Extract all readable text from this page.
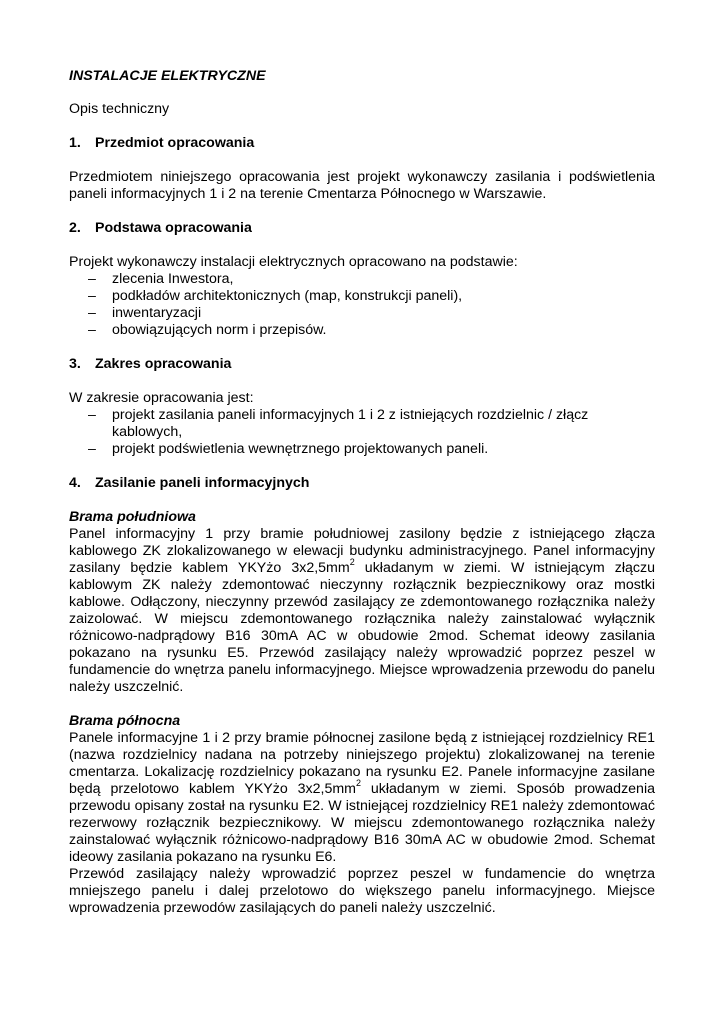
INSTALACJE ELEKTRYCZNE

Opis techniczny

1. Przedmiot opracowania

Przedmiotem niniejszego opracowania jest projekt wykonawczy zasilania i podświetlenia paneli informacyjnych 1 i 2 na terenie Cmentarza Północnego w Warszawie.

2. Podstawa opracowania

Projekt wykonawczy instalacji elektrycznych opracowano na podstawie:

– zlecenia Inwestora,
– podkładów architektonicznych (map, konstrukcji paneli),
– inwentaryzacji
– obowiązujących norm i przepisów.
3. Zakres opracowania

W zakresie opracowania jest:

– projekt zasilania paneli informacyjnych 1 i 2 z istniejących rozdzielnic / złącz kablowych,
– projekt podświetlenia wewnętrznego projektowanych paneli.
4. Zasilanie paneli informacyjnych

Brama południowa

Panel informacyjny 1 przy bramie południowej zasilony będzie z istniejącego złącza kablowego ZK zlokalizowanego w elewacji budynku administracyjnego. Panel informacyjny zasilany będzie kablem YKYżo $3x2,5mm^2$ układanym w ziemi. W istniejącym złączu kablowym ZK należy zdemontować nieczynny rozłącznik bezpiecznikowy oraz mostki kablowe. Odłączony, nieczynny przewód zasilający ze zdemontowanego rozłącznika należy zaizolować. W miejscu zdemontowanego rozłącznika należy zainstalować wyłącznik różnicowo-nadprądowy B16 30mA AC w obudowie 2mod. Schemat ideowy zasilania pokazano na rysunku E5. Przewód zasilający należy wprowadzić poprzez peszel w fundamencie do wnętrza panelu informacyjnego. Miejsce wprowadzenia przewodu do panelu należy uszczelnić.

Brama północna

Panele informacyjne 1 i 2 przy bramie północnej zasilone będą z istniejącej rozdzielnicy RE1 (nazwa rozdzielnicy nadana na potrzeby niniejszego projektu) zlokalizowanej na terenie cmentarza. Lokalizację rozdzielnicy pokazano na rysunku E2. Panele informacyjne zasilane będą przelotowo kablem YKYżo $3x2,5mm^2$ układanym w ziemi. Sposób prowadzenia przewodu opisany został na rysunku E2. W istniejącej rozdzielnicy RE1 należy zdemontować rezerwowy rozłącznik bezpiecznikowy. W miejscu zdemontowanego rozłącznika należy zainstalować wyłącznik różnicowo-nadprądowy B16 30mA AC w obudowie 2mod. Schemat ideowy zasilania pokazano na rysunku E6.

Przewód zasilający należy wprowadzić poprzez peszel w fundamencie do wnętrza mniejszego panelu i dalej przelotowo do większego panelu informacyjnego. Miejsce wprowadzenia przewodów zasilających do paneli należy uszczelnić.
